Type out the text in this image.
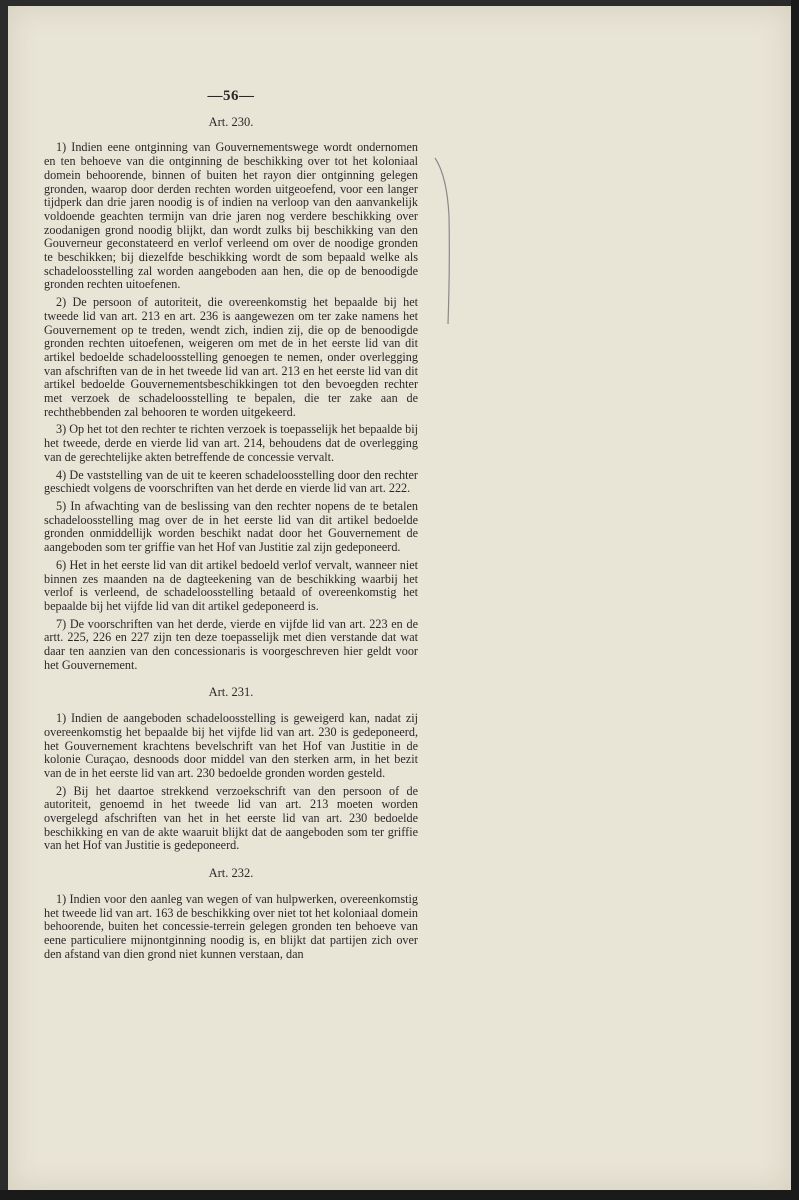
—56—
Art. 230.

1) Indien eene ontginning van Gouvernementswege wordt ondernomen en ten behoeve van die ontginning de beschikking over tot het koloniaal domein behoorende, binnen of buiten het rayon dier ontginning gelegen gronden, waarop door derden rechten worden uitgeoefend, voor een langer tijdperk dan drie jaren noodig is of indien na verloop van den aanvankelijk voldoende geachten termijn van drie jaren nog verdere beschikking over zoodanigen grond noodig blijkt, dan wordt zulks bij beschikking van den Gouverneur geconstateerd en verlof verleend om over de noodige gronden te beschikken; bij diezelfde beschikking wordt de som bepaald welke als schadeloosstelling zal worden aangeboden aan hen, die op de benoodigde gronden rechten uitoefenen.

2) De persoon of autoriteit, die overeenkomstig het bepaalde bij het tweede lid van art. 213 en art. 236 is aangewezen om ter zake namens het Gouvernement op te treden, wendt zich, indien zij, die op de benoodigde gronden rechten uitoefenen, weigeren om met de in het eerste lid van dit artikel bedoelde schadeloosstelling genoegen te nemen, onder overlegging van afschriften van de in het tweede lid van art. 213 en het eerste lid van dit artikel bedoelde Gouvernementsbeschikkingen tot den bevoegden rechter met verzoek de schadeloosstelling te bepalen, die ter zake aan de rechthebbenden zal behooren te worden uitgekeerd.

3) Op het tot den rechter te richten verzoek is toepasselijk het bepaalde bij het tweede, derde en vierde lid van art. 214, behoudens dat de overlegging van de gerechtelijke akten betreffende de concessie vervalt.

4) De vaststelling van de uit te keeren schadeloosstelling door den rechter geschiedt volgens de voorschriften van het derde en vierde lid van art. 222.

5) In afwachting van de beslissing van den rechter nopens de te betalen schadeloosstelling mag over de in het eerste lid van dit artikel bedoelde gronden onmiddellijk worden beschikt nadat door het Gouvernement de aangeboden som ter griffie van het Hof van Justitie zal zijn gedeponeerd.

6) Het in het eerste lid van dit artikel bedoeld verlof vervalt, wanneer niet binnen zes maanden na de dagteekening van de beschikking waarbij het verlof is verleend, de schadeloosstelling betaald of overeenkomstig het bepaalde bij het vijfde lid van dit artikel gedeponeerd is.

7) De voorschriften van het derde, vierde en vijfde lid van art. 223 en de artt. 225, 226 en 227 zijn ten deze toepasselijk met dien verstande dat wat daar ten aanzien van den concessionaris is voorgeschreven hier geldt voor het Gouvernement.

Art. 231.

1) Indien de aangeboden schadeloosstelling is geweigerd kan, nadat zij overeenkomstig het bepaalde bij het vijfde lid van art. 230 is gedeponeerd, het Gouvernement krachtens bevelschrift van het Hof van Justitie in de kolonie Curaçao, desnoods door middel van den sterken arm, in het bezit van de in het eerste lid van art. 230 bedoelde gronden worden gesteld.

2) Bij het daartoe strekkend verzoekschrift van den persoon of de autoriteit, genoemd in het tweede lid van art. 213 moeten worden overgelegd afschriften van het in het eerste lid van art. 230 bedoelde beschikking en van de akte waaruit blijkt dat de aangeboden som ter griffie van het Hof van Justitie is gedeponeerd.

Art. 232.

1) Indien voor den aanleg van wegen of van hulpwerken, overeenkomstig het tweede lid van art. 163 de beschikking over niet tot het koloniaal domein behoorende, buiten het concessie-terrein gelegen gronden ten behoeve van eene particuliere mijnontginning noodig is, en blijkt dat partijen zich over den afstand van dien grond niet kunnen verstaan, dan
